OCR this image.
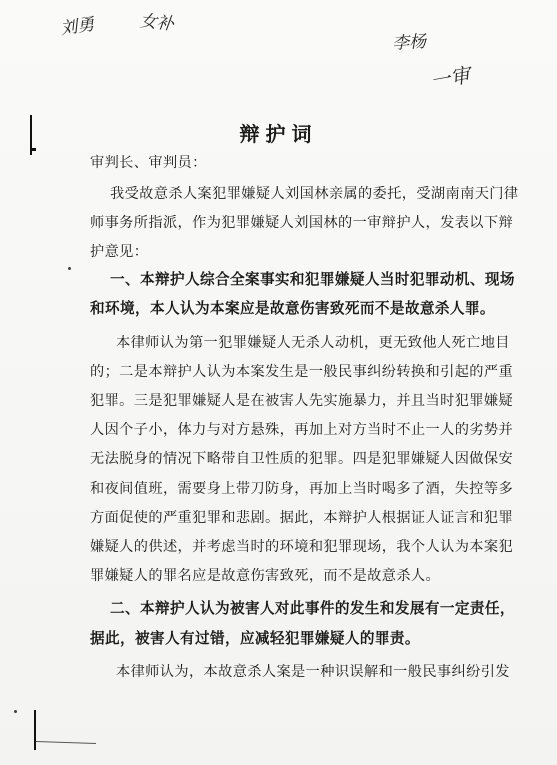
刘勇	女补
李杨
一审
辩护词
审判长、审判员：
我受故意杀人案犯罪嫌疑人刘国林亲属的委托，受湖南南天门律
师事务所指派，作为犯罪嫌疑人刘国林的一审辩护人，发表以下辩
护意见：
一、本辩护人综合全案事实和犯罪嫌疑人当时犯罪动机、现场
和环境，本人认为本案应是故意伤害致死而不是故意杀人罪。
本律师认为第一犯罪嫌疑人无杀人动机，更无致他人死亡地目
的；二是本辩护人认为本案发生是一般民事纠纷转换和引起的严重
犯罪。三是犯罪嫌疑人是在被害人先实施暴力，并且当时犯罪嫌疑
人因个子小，体力与对方悬殊，再加上对方当时不止一人的劣势并
无法脱身的情况下略带自卫性质的犯罪。四是犯罪嫌疑人因做保安
和夜间值班，需要身上带刀防身，再加上当时喝多了酒，失控等多
方面促使的严重犯罪和悲剧。据此，本辩护人根据证人证言和犯罪
嫌疑人的供述，并考虑当时的环境和犯罪现场，我个人认为本案犯
罪嫌疑人的罪名应是故意伤害致死，而不是故意杀人。
二、本辩护人认为被害人对此事件的发生和发展有一定责任，
据此，被害人有过错，应减轻犯罪嫌疑人的罪责。
本律师认为，本故意杀人案是一种识误解和一般民事纠纷引发
